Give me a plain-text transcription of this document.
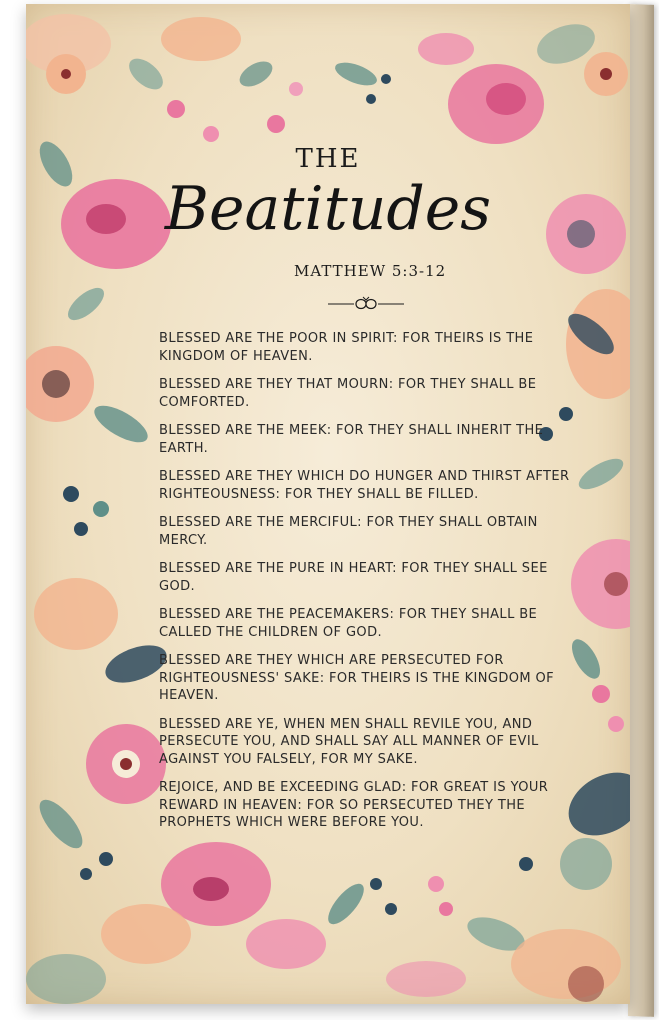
THE
Beatitudes
MATTHEW 5:3-12

BLESSED ARE THE POOR IN SPIRIT: FOR THEIRS IS THE KINGDOM OF HEAVEN.

BLESSED ARE THEY THAT MOURN: FOR THEY SHALL BE COMFORTED.

BLESSED ARE THE MEEK: FOR THEY SHALL INHERIT THE EARTH.

BLESSED ARE THEY WHICH DO HUNGER AND THIRST AFTER RIGHTEOUSNESS: FOR THEY SHALL BE FILLED.

BLESSED ARE THE MERCIFUL: FOR THEY SHALL OBTAIN MERCY.

BLESSED ARE THE PURE IN HEART: FOR THEY SHALL SEE GOD.

BLESSED ARE THE PEACEMAKERS: FOR THEY SHALL BE CALLED THE CHILDREN OF GOD.

BLESSED ARE THEY WHICH ARE PERSECUTED FOR RIGHTEOUSNESS' SAKE: FOR THEIRS IS THE KINGDOM OF HEAVEN.

BLESSED ARE YE, WHEN MEN SHALL REVILE YOU, AND PERSECUTE YOU, AND SHALL SAY ALL MANNER OF EVIL AGAINST YOU FALSELY, FOR MY SAKE.

REJOICE, AND BE EXCEEDING GLAD: FOR GREAT IS YOUR REWARD IN HEAVEN: FOR SO PERSECUTED THEY THE PROPHETS WHICH WERE BEFORE YOU.
